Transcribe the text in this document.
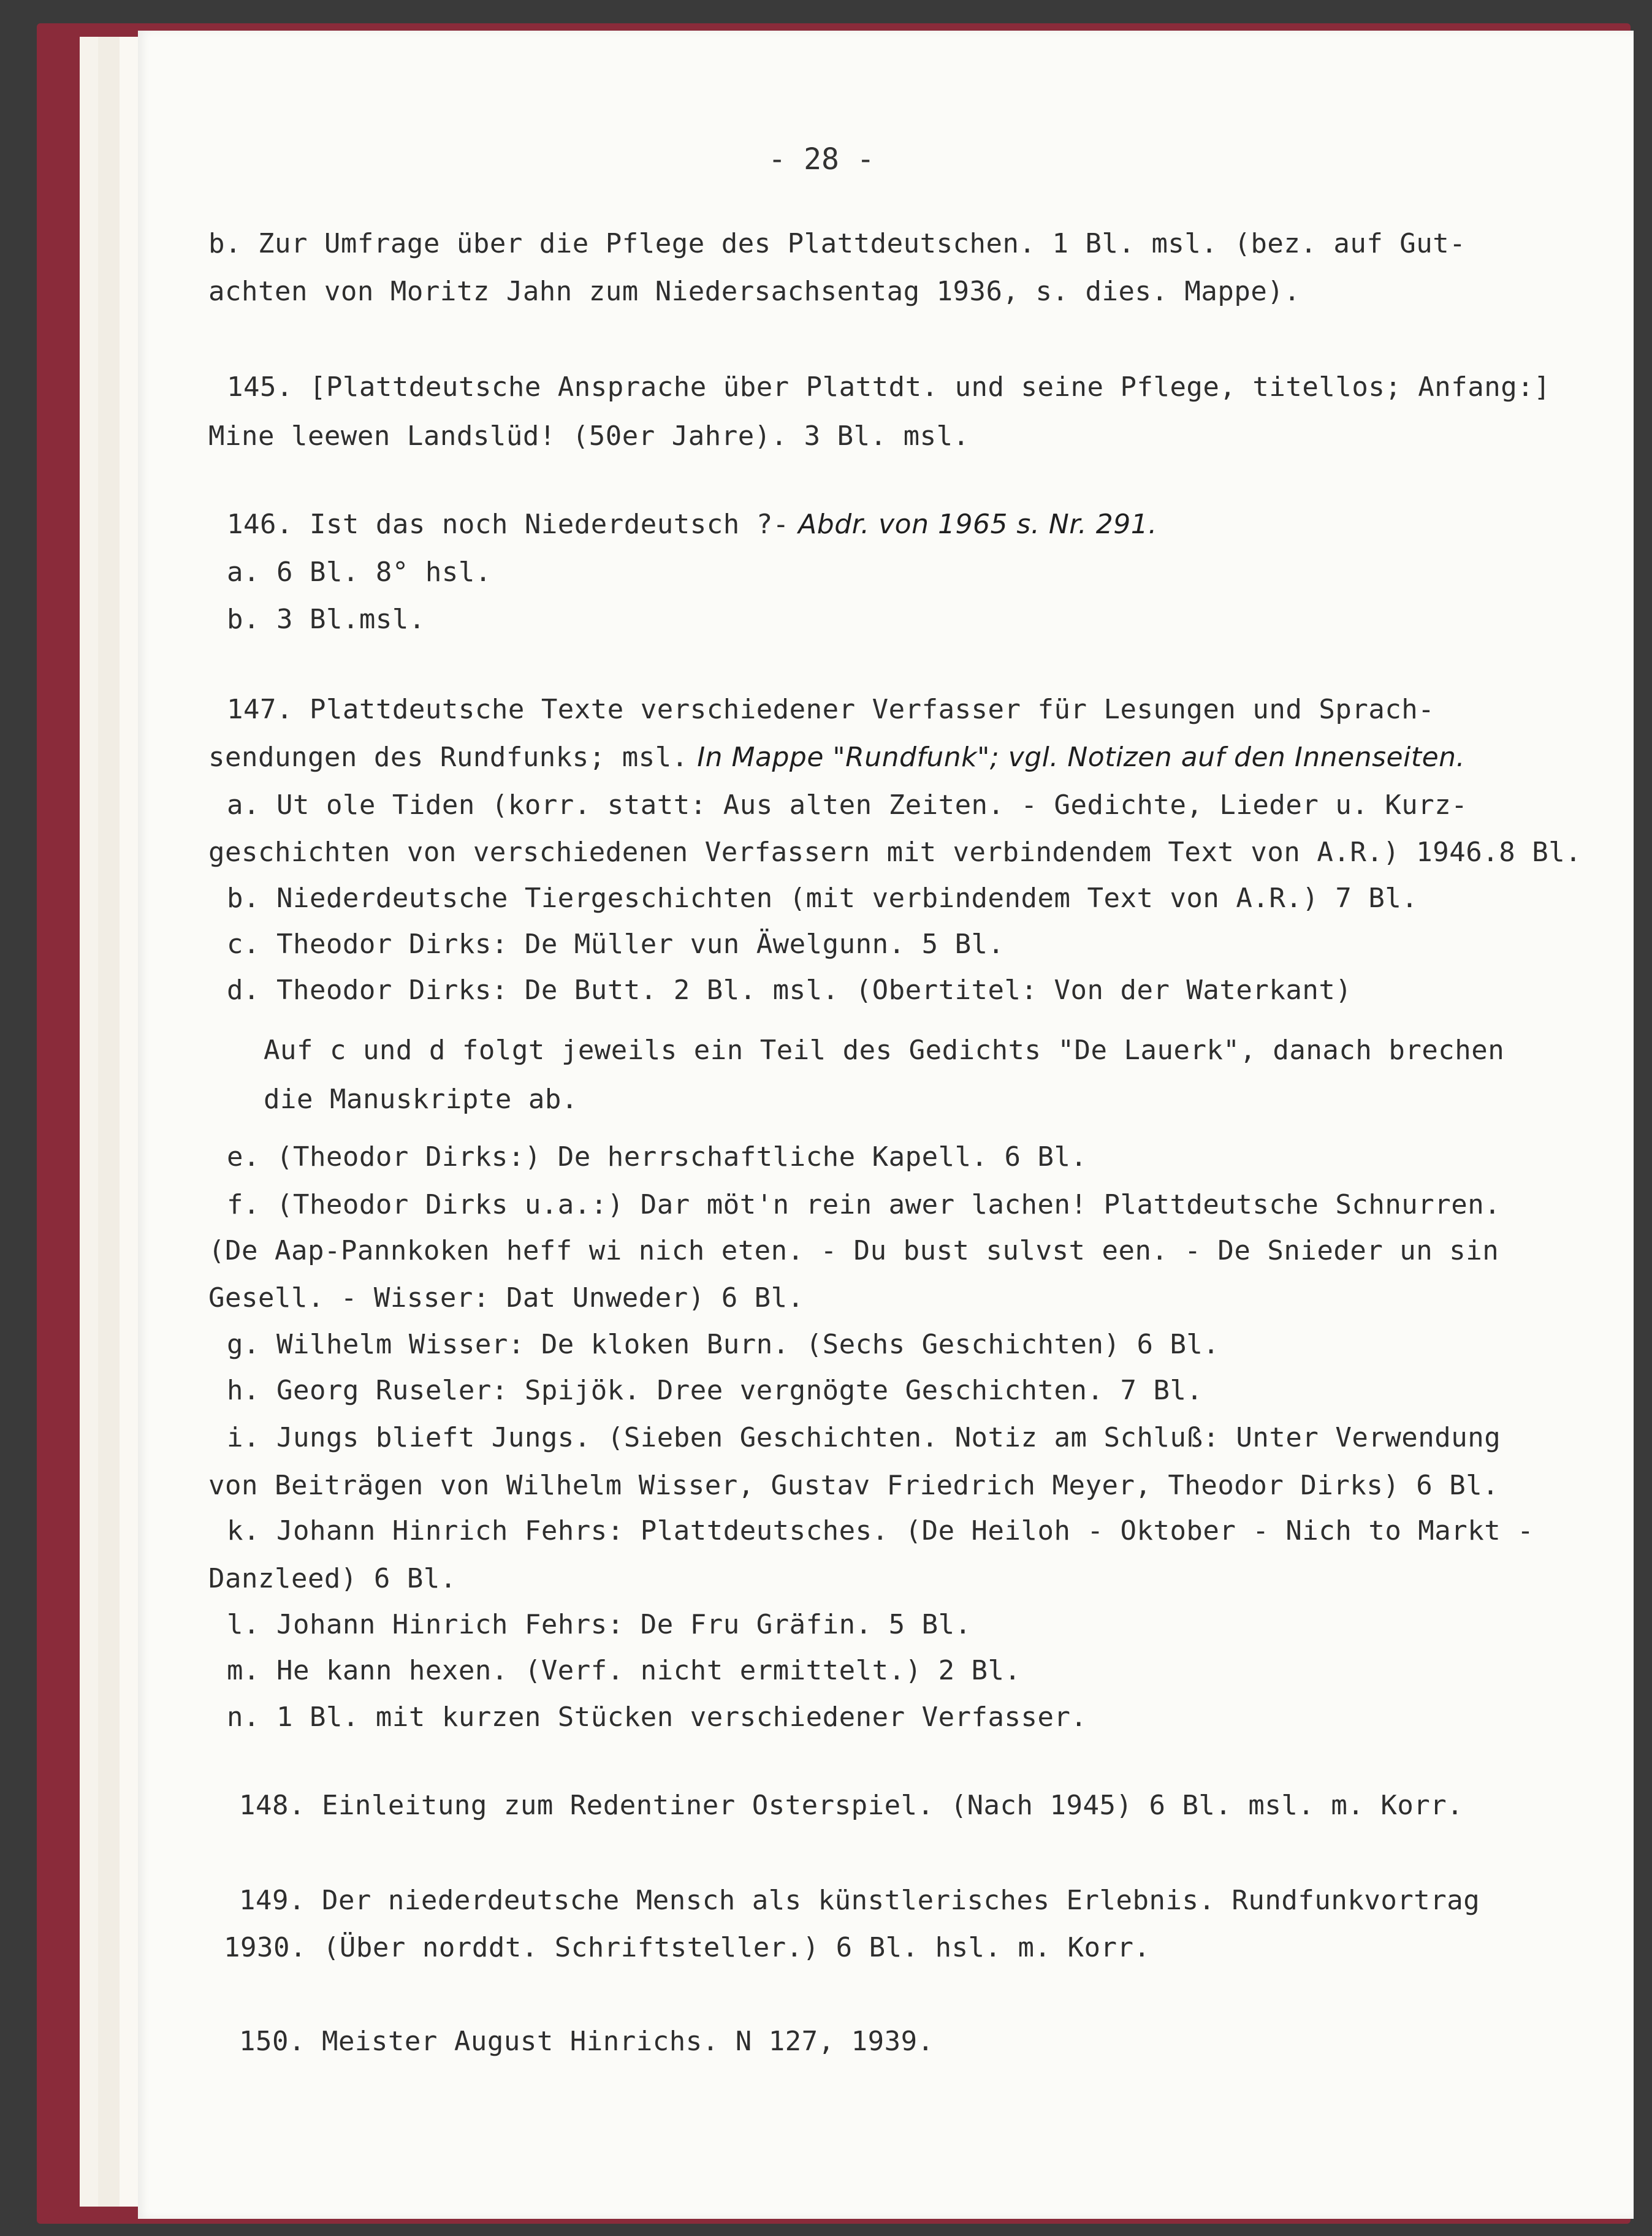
- 28 -
b. Zur Umfrage über die Pflege des Plattdeutschen. 1 Bl. msl. (bez. auf Gut-
achten von Moritz Jahn zum Niedersachsentag 1936, s. dies. Mappe).
145. [Plattdeutsche Ansprache über Plattdt. und seine Pflege, titellos; Anfang:]
Mine leewen Landslüd! (50er Jahre). 3 Bl. msl.
146. Ist das noch Niederdeutsch ?- Abdr. von 1965 s. Nr. 291.
a. 6 Bl. 8° hsl.
b. 3 Bl.msl.
147. Plattdeutsche Texte verschiedener Verfasser für Lesungen und Sprach-
sendungen des Rundfunks; msl. In Mappe "Rundfunk"; vgl. Notizen auf den Innenseiten.
a. Ut ole Tiden (korr. statt: Aus alten Zeiten. - Gedichte, Lieder u. Kurz-
geschichten von verschiedenen Verfassern mit verbindendem Text von A.R.) 1946.8 Bl.
b. Niederdeutsche Tiergeschichten (mit verbindendem Text von A.R.) 7 Bl.
c. Theodor Dirks: De Müller vun Äwelgunn. 5 Bl.
d. Theodor Dirks: De Butt. 2 Bl. msl. (Obertitel: Von der Waterkant)
Auf c und d folgt jeweils ein Teil des Gedichts "De Lauerk", danach brechen
die Manuskripte ab.
e. (Theodor Dirks:) De herrschaftliche Kapell. 6 Bl.
f. (Theodor Dirks u.a.:) Dar möt'n rein awer lachen! Plattdeutsche Schnurren.
(De Aap-Pannkoken heff wi nich eten. - Du bust sulvst een. - De Snieder un sin
Gesell. - Wisser: Dat Unweder) 6 Bl.
g. Wilhelm Wisser: De kloken Burn. (Sechs Geschichten) 6 Bl.
h. Georg Ruseler: Spijök. Dree vergnögte Geschichten. 7 Bl.
i. Jungs blieft Jungs. (Sieben Geschichten. Notiz am Schluß: Unter Verwendung
von Beiträgen von Wilhelm Wisser, Gustav Friedrich Meyer, Theodor Dirks) 6 Bl.
k. Johann Hinrich Fehrs: Plattdeutsches. (De Heiloh - Oktober - Nich to Markt -
Danzleed) 6 Bl.
l. Johann Hinrich Fehrs: De Fru Gräfin. 5 Bl.
m. He kann hexen. (Verf. nicht ermittelt.) 2 Bl.
n. 1 Bl. mit kurzen Stücken verschiedener Verfasser.
148. Einleitung zum Redentiner Osterspiel. (Nach 1945) 6 Bl. msl. m. Korr.
149. Der niederdeutsche Mensch als künstlerisches Erlebnis. Rundfunkvortrag
1930. (Über norddt. Schriftsteller.) 6 Bl. hsl. m. Korr.
150. Meister August Hinrichs. N 127, 1939.
